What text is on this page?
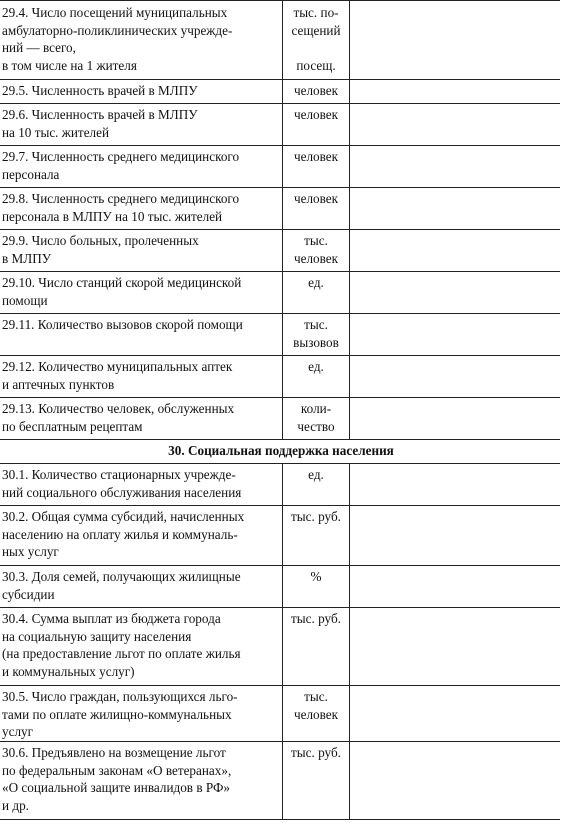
29.4. Число посещений муниципальных
амбулаторно-поликлинических учрежде-
ний — всего,
в том числе на 1 жителя
тыс. по-
сещений

посещ.
29.5. Численность врачей в МЛПУ	человек
29.6. Численность врачей в МЛПУ
на 10 тыс. жителей
человек
29.7. Численность среднего медицинского
персонала
человек
29.8. Численность среднего медицинского
персонала в МЛПУ на 10 тыс. жителей
человек
29.9. Число больных, пролеченных
в МЛПУ
тыс.
человек
29.10. Число станций скорой медицинской
помощи
ед.
29.11. Количество вызовов скорой помощи	тыс.
вызовов
29.12. Количество муниципальных аптек
и аптечных пунктов
ед.
29.13. Количество человек, обслуженных
по бесплатным рецептам
коли-
чество
30. Социальная поддержка населения
30.1. Количество стационарных учрежде-
ний социального обслуживания населения
ед.
30.2. Общая сумма субсидий, начисленных
населению на оплату жилья и коммуналь-
ных услуг
тыс. руб.
30.3. Доля семей, получающих жилищные
субсидии
%
30.4. Сумма выплат из бюджета города
на социальную защиту населения
(на предоставление льгот по оплате жилья
и коммунальных услуг)
тыс. руб.
30.5. Число граждан, пользующихся льго-
тами по оплате жилищно-коммунальных
услуг
тыс.
человек
30.6. Предъявлено на возмещение льгот
по федеральным законам «О ветеранах»,
«О социальной защите инвалидов в РФ»
и др.
тыс. руб.
